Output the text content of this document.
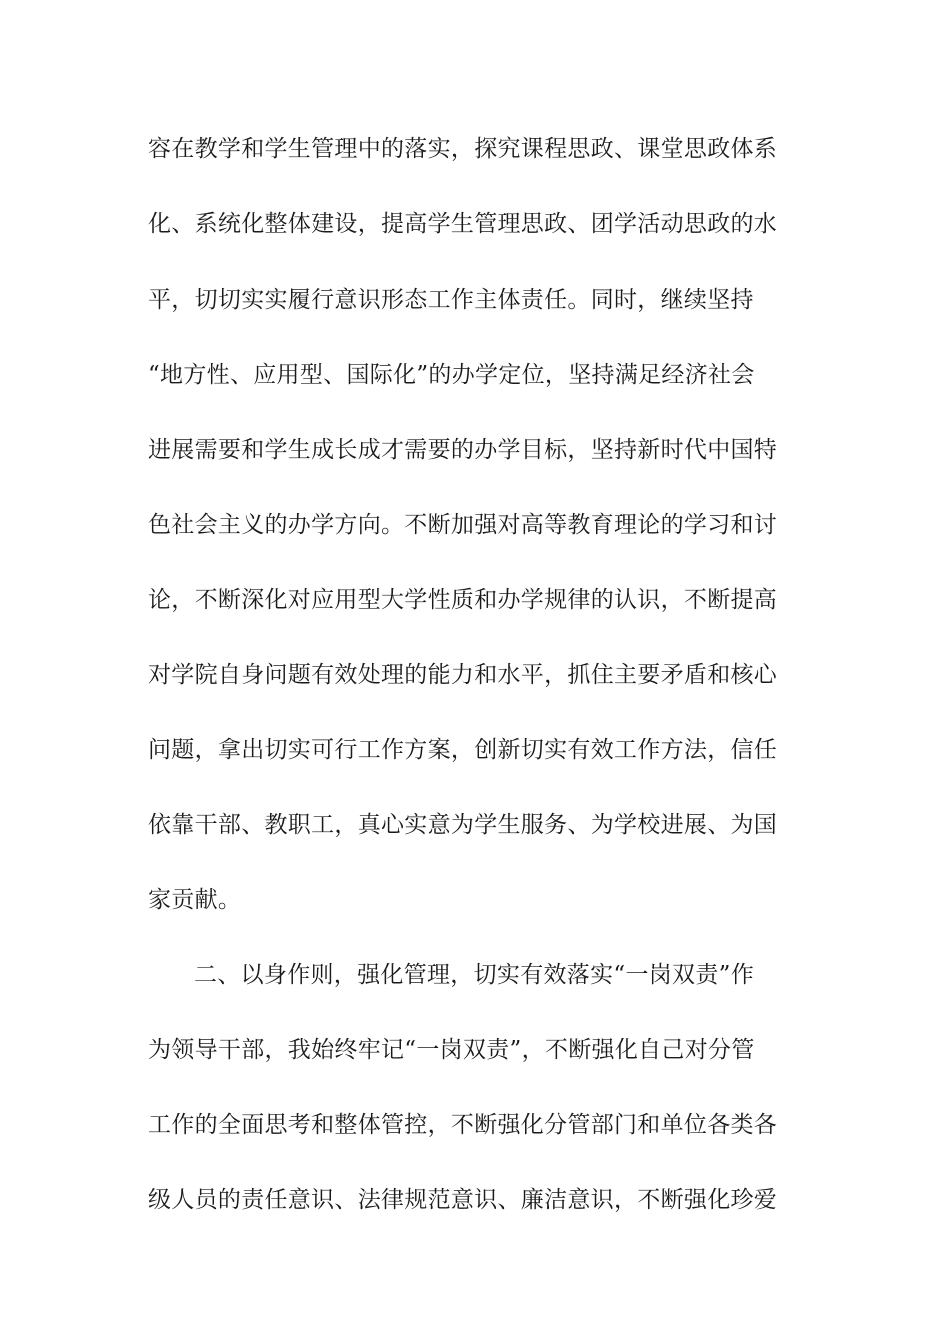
容在教学和学生管理中的落实，探究课程思政、课堂思政体系
化、系统化整体建设，提高学生管理思政、团学活动思政的水
平，切切实实履行意识形态工作主体责任。同时，继续坚持
“地方性、应用型、国际化”的办学定位，坚持满足经济社会
进展需要和学生成长成才需要的办学目标，坚持新时代中国特
色社会主义的办学方向。不断加强对高等教育理论的学习和讨
论，不断深化对应用型大学性质和办学规律的认识，不断提高
对学院自身问题有效处理的能力和水平，抓住主要矛盾和核心
问题，拿出切实可行工作方案，创新切实有效工作方法，信任
依靠干部、教职工，真心实意为学生服务、为学校进展、为国
家贡献。
二、以身作则，强化管理，切实有效落实“一岗双责”作
为领导干部，我始终牢记“一岗双责”，不断强化自己对分管
工作的全面思考和整体管控，不断强化分管部门和单位各类各
级人员的责任意识、法律规范意识、廉洁意识，不断强化珍爱
